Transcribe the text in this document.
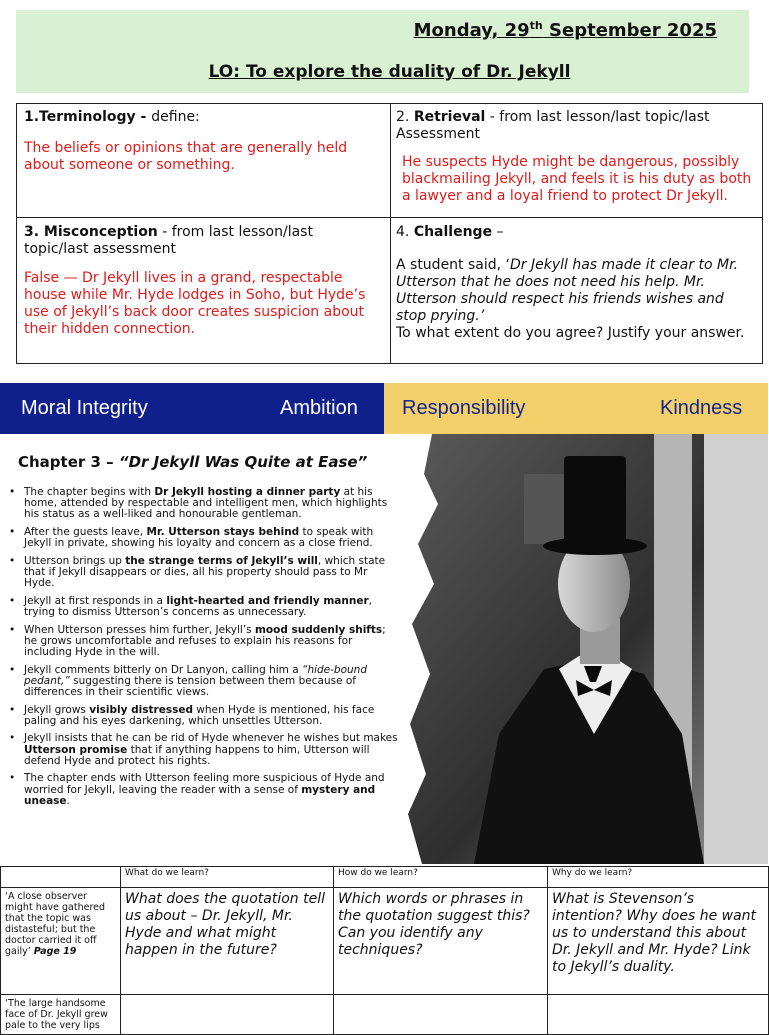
Monday, 29th September 2025
LO: To explore the duality of Dr. Jekyll
1.Terminology - define:
The beliefs or opinions that are generally held about someone or something.
2. Retrieval - from last lesson/last topic/last Assessment
He suspects Hyde might be dangerous, possibly blackmailing Jekyll, and feels it is his duty as both a lawyer and a loyal friend to protect Dr Jekyll.
3. Misconception - from last lesson/last topic/last assessment
False — Dr Jekyll lives in a grand, respectable house while Mr. Hyde lodges in Soho, but Hyde’s use of Jekyll’s back door creates suspicion about their hidden connection.
4. Challenge –
A student said, ‘Dr Jekyll has made it clear to Mr. Utterson that he does not need his help. Mr. Utterson should respect his friends wishes and stop prying.’
To what extent do you agree? Justify your answer.
Moral Integrity	Ambition Responsibility	Kindness
Chapter 3 – “Dr Jekyll Was Quite at Ease”
• The chapter begins with Dr Jekyll hosting a dinner party at his home, attended by respectable and intelligent men, which highlights his status as a well-liked and honourable gentleman.
• After the guests leave, Mr. Utterson stays behind to speak with Jekyll in private, showing his loyalty and concern as a close friend.
• Utterson brings up the strange terms of Jekyll’s will, which state that if Jekyll disappears or dies, all his property should pass to Mr Hyde.
• Jekyll at first responds in a light-hearted and friendly manner, trying to dismiss Utterson’s concerns as unnecessary.
• When Utterson presses him further, Jekyll’s mood suddenly shifts; he grows uncomfortable and refuses to explain his reasons for including Hyde in the will.
• Jekyll comments bitterly on Dr Lanyon, calling him a “hide-bound pedant,” suggesting there is tension between them because of differences in their scientific views.
• Jekyll grows visibly distressed when Hyde is mentioned, his face paling and his eyes darkening, which unsettles Utterson.
• Jekyll insists that he can be rid of Hyde whenever he wishes but makes Utterson promise that if anything happens to him, Utterson will defend Hyde and protect his rights.
• The chapter ends with Utterson feeling more suspicious of Hyde and worried for Jekyll, leaving the reader with a sense of mystery and unease.
	What do we learn?	How do we learn?	Why do we learn?
‘A close observer might have gathered that the topic was distasteful; but the doctor carried it off gaily’ Page 19	What does the quotation tell us about – Dr. Jekyll, Mr. Hyde and what might happen in the future?	Which words or phrases in the quotation suggest this? Can you identify any techniques?	What is Stevenson’s intention? Why does he want us to understand this about Dr. Jekyll and Mr. Hyde? Link to Jekyll’s duality.
‘The large handsome face of Dr. Jekyll grew pale to the very lips			
